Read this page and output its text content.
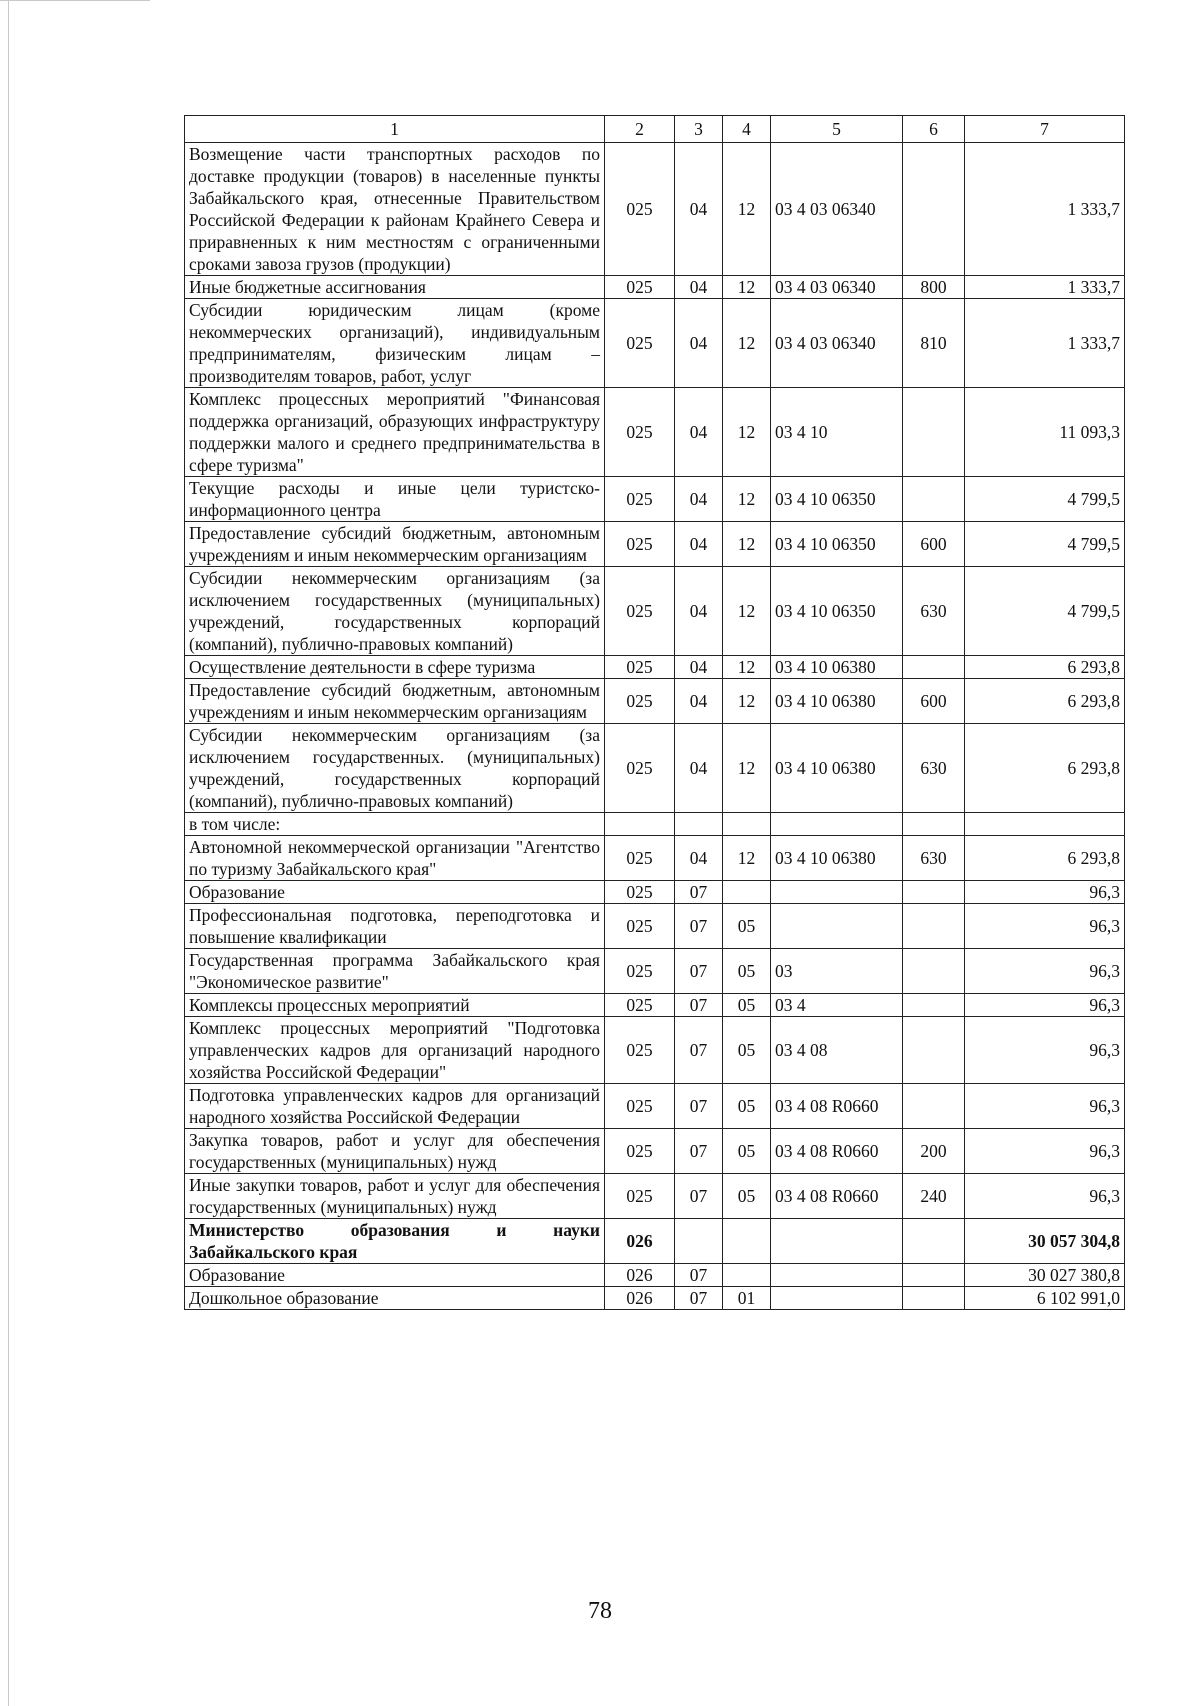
1	2	3	4	5	6	7
Возмещение части транспортных расходов по доставке продукции (товаров) в населенные пункты Забайкальского края, отнесенные Правительством Российской Федерации к районам Крайнего Севера и приравненных к ним местностям с ограниченными сроками завоза грузов (продукции)	025	04	12	03 4 03 06340		1 333,7
Иные бюджетные ассигнования	025	04	12	03 4 03 06340	800	1 333,7
Субсидии юридическим лицам (кроме некоммерческих организаций), индивидуальным предпринимателям, физическим лицам – производителям товаров, работ, услуг	025	04	12	03 4 03 06340	810	1 333,7
Комплекс процессных мероприятий "Финансовая поддержка организаций, образующих инфраструктуру поддержки малого и среднего предпринимательства в сфере туризма"	025	04	12	03 4 10		11 093,3
Текущие расходы и иные цели туристско-информационного центра	025	04	12	03 4 10 06350		4 799,5
Предоставление субсидий бюджетным, автономным учреждениям и иным некоммерческим организациям	025	04	12	03 4 10 06350	600	4 799,5
Субсидии некоммерческим организациям (за исключением государственных (муниципальных) учреждений, государственных корпораций (компаний), публично-правовых компаний)	025	04	12	03 4 10 06350	630	4 799,5
Осуществление деятельности в сфере туризма	025	04	12	03 4 10 06380		6 293,8
Предоставление субсидий бюджетным, автономным учреждениям и иным некоммерческим организациям	025	04	12	03 4 10 06380	600	6 293,8
Субсидии некоммерческим организациям (за исключением государственных. (муниципальных) учреждений, государственных корпораций (компаний), публично-правовых компаний)	025	04	12	03 4 10 06380	630	6 293,8
в том числе:						
Автономной некоммерческой организации "Агентство по туризму Забайкальского края"	025	04	12	03 4 10 06380	630	6 293,8
Образование	025	07				96,3
Профессиональная подготовка, переподготовка и повышение квалификации	025	07	05			96,3
Государственная программа Забайкальского края "Экономическое развитие"	025	07	05	03		96,3
Комплексы процессных мероприятий	025	07	05	03 4		96,3
Комплекс процессных мероприятий "Подготовка управленческих кадров для организаций народного хозяйства Российской Федерации"	025	07	05	03 4 08		96,3
Подготовка управленческих кадров для организаций народного хозяйства Российской Федерации	025	07	05	03 4 08 R0660		96,3
Закупка товаров, работ и услуг для обеспечения государственных (муниципальных) нужд	025	07	05	03 4 08 R0660	200	96,3
Иные закупки товаров, работ и услуг для обеспечения государственных (муниципальных) нужд	025	07	05	03 4 08 R0660	240	96,3
Министерство образования и науки Забайкальского края	026					30 057 304,8
Образование	026	07				30 027 380,8
Дошкольное образование	026	07	01			6 102 991,0
78
